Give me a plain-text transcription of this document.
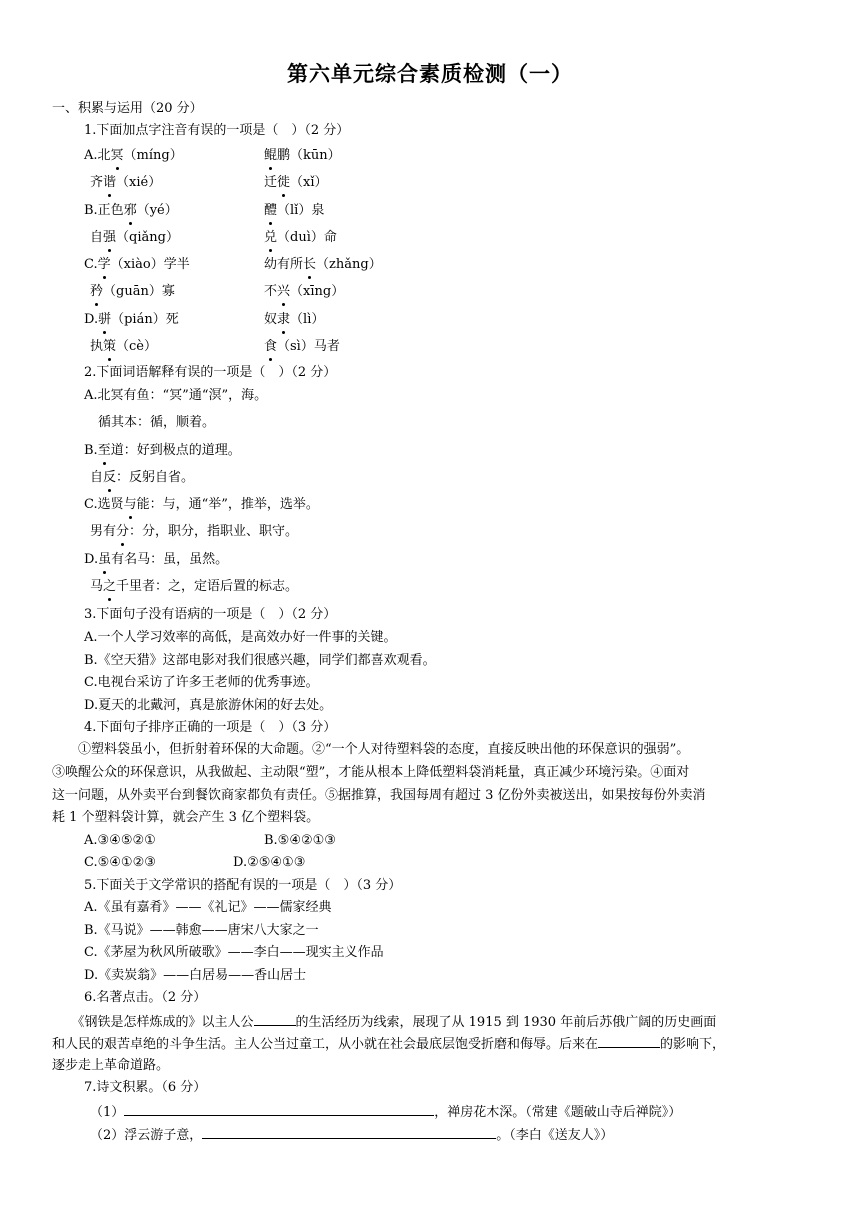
第六单元综合素质检测（一）
一、积累与运用（20 分）
1.下面加点字注音有误的一项是（　）（2 分）
A.北冥（míng）	鲲鹏（kūn）
齐谐（xié）	迁徙（xǐ）
B.正色邪（yé）	醴（lǐ）泉
自强（qiǎng）	兑（duì）命
C.学（xiào）学半	幼有所长（zhǎng）
矜（guān）寡	不兴（xīng）
D.骈（pián）死	奴隶（lì）
执策（cè）	食（sì）马者
2.下面词语解释有误的一项是（　）（2 分）
A.北冥有鱼：“冥”通“溟”，海。
循其本：循，顺着。
B.至道：好到极点的道理。
自反：反躬自省。
C.选贤与能：与，通“举”，推举，选举。
男有分：分，职分，指职业、职守。
D.虽有名马：虽，虽然。
马之千里者：之，定语后置的标志。
3.下面句子没有语病的一项是（　）（2 分）
A.一个人学习效率的高低，是高效办好一件事的关键。
B.《空天猎》这部电影对我们很感兴趣，同学们都喜欢观看。
C.电视台采访了许多王老师的优秀事迹。
D.夏天的北戴河，真是旅游休闲的好去处。
4.下面句子排序正确的一项是（　）（3 分）
　　①塑料袋虽小，但折射着环保的大命题。②“一个人对待塑料袋的态度，直接反映出他的环保意识的强弱”。
③唤醒公众的环保意识，从我做起、主动限“塑”，才能从根本上降低塑料袋消耗量，真正减少环境污染。④面对
这一问题，从外卖平台到餐饮商家都负有责任。⑤据推算，我国每周有超过 3 亿份外卖被送出，如果按每份外卖消
耗 1 个塑料袋计算，就会产生 3 亿个塑料袋。
A.③④⑤②①	B.⑤④②①③
C.⑤④①②③	D.②⑤④①③
5.下面关于文学常识的搭配有误的一项是（　）（3 分）
A.《虽有嘉肴》——《礼记》——儒家经典
B.《马说》——韩愈——唐宋八大家之一
C.《茅屋为秋风所破歌》——李白——现实主义作品
D.《卖炭翁》——白居易——香山居士
6.名著点击。（2 分）
　　《钢铁是怎样炼成的》以主人公	的生活经历为线索，展现了从 1915 到 1930 年前后苏俄广阔的历史画面
和人民的艰苦卓绝的斗争生活。主人公当过童工，从小就在社会最底层饱受折磨和侮辱。后来在	的影响下，
逐步走上革命道路。
7.诗文积累。（6 分）
（1）	，禅房花木深。（常建《题破山寺后禅院》）
（2）浮云游子意，	。（李白《送友人》）
